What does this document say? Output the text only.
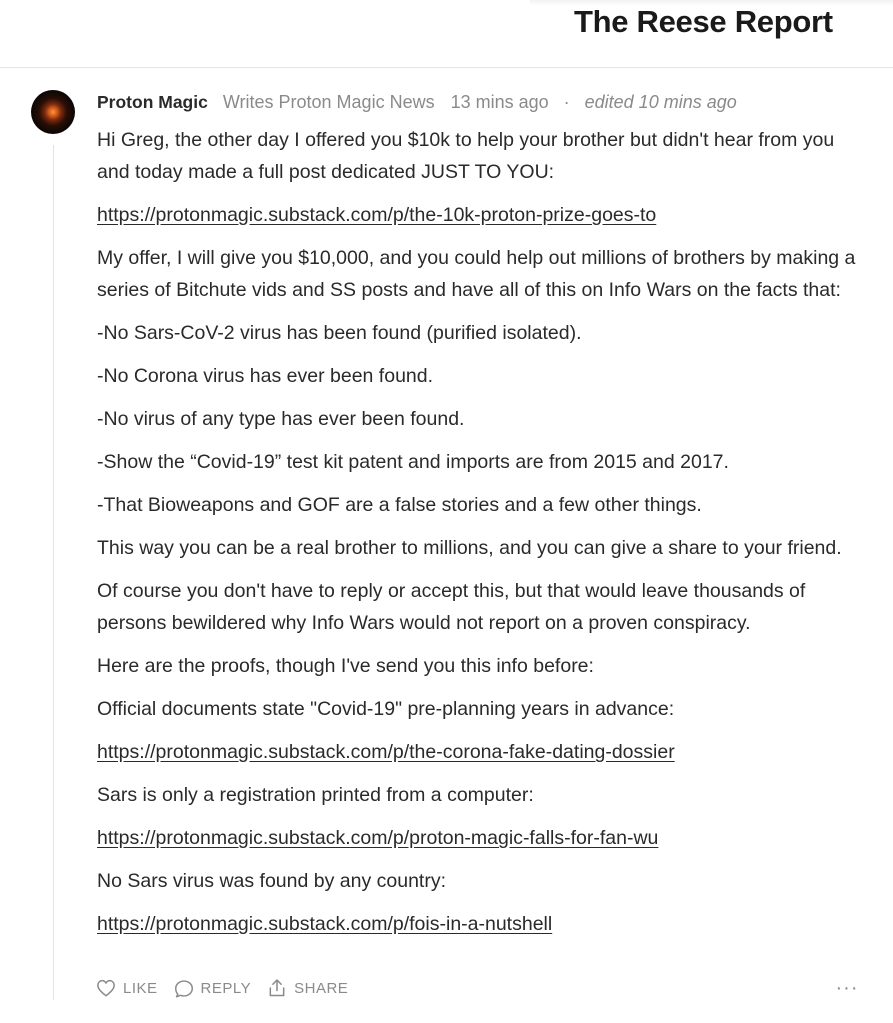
The Reese Report
Proton Magic Writes Proton Magic News 13 mins ago · edited 10 mins ago

Hi Greg, the other day I offered you $10k to help your brother but didn't hear from you and today made a full post dedicated JUST TO YOU:

https://protonmagic.substack.com/p/the-10k-proton-prize-goes-to

My offer, I will give you $10,000, and you could help out millions of brothers by making a series of Bitchute vids and SS posts and have all of this on Info Wars on the facts that:

-No Sars-CoV-2 virus has been found (purified isolated).

-No Corona virus has ever been found.

-No virus of any type has ever been found.

-Show the “Covid-19” test kit patent and imports are from 2015 and 2017.

-That Bioweapons and GOF are a false stories and a few other things.

This way you can be a real brother to millions, and you can give a share to your friend.

Of course you don't have to reply or accept this, but that would leave thousands of persons bewildered why Info Wars would not report on a proven conspiracy.

Here are the proofs, though I've send you this info before:

Official documents state "Covid-19" pre-planning years in advance:

https://protonmagic.substack.com/p/the-corona-fake-dating-dossier

Sars is only a registration printed from a computer:

https://protonmagic.substack.com/p/proton-magic-falls-for-fan-wu

No Sars virus was found by any country:

https://protonmagic.substack.com/p/fois-in-a-nutshell

LIKE	REPLY	SHARE	···
